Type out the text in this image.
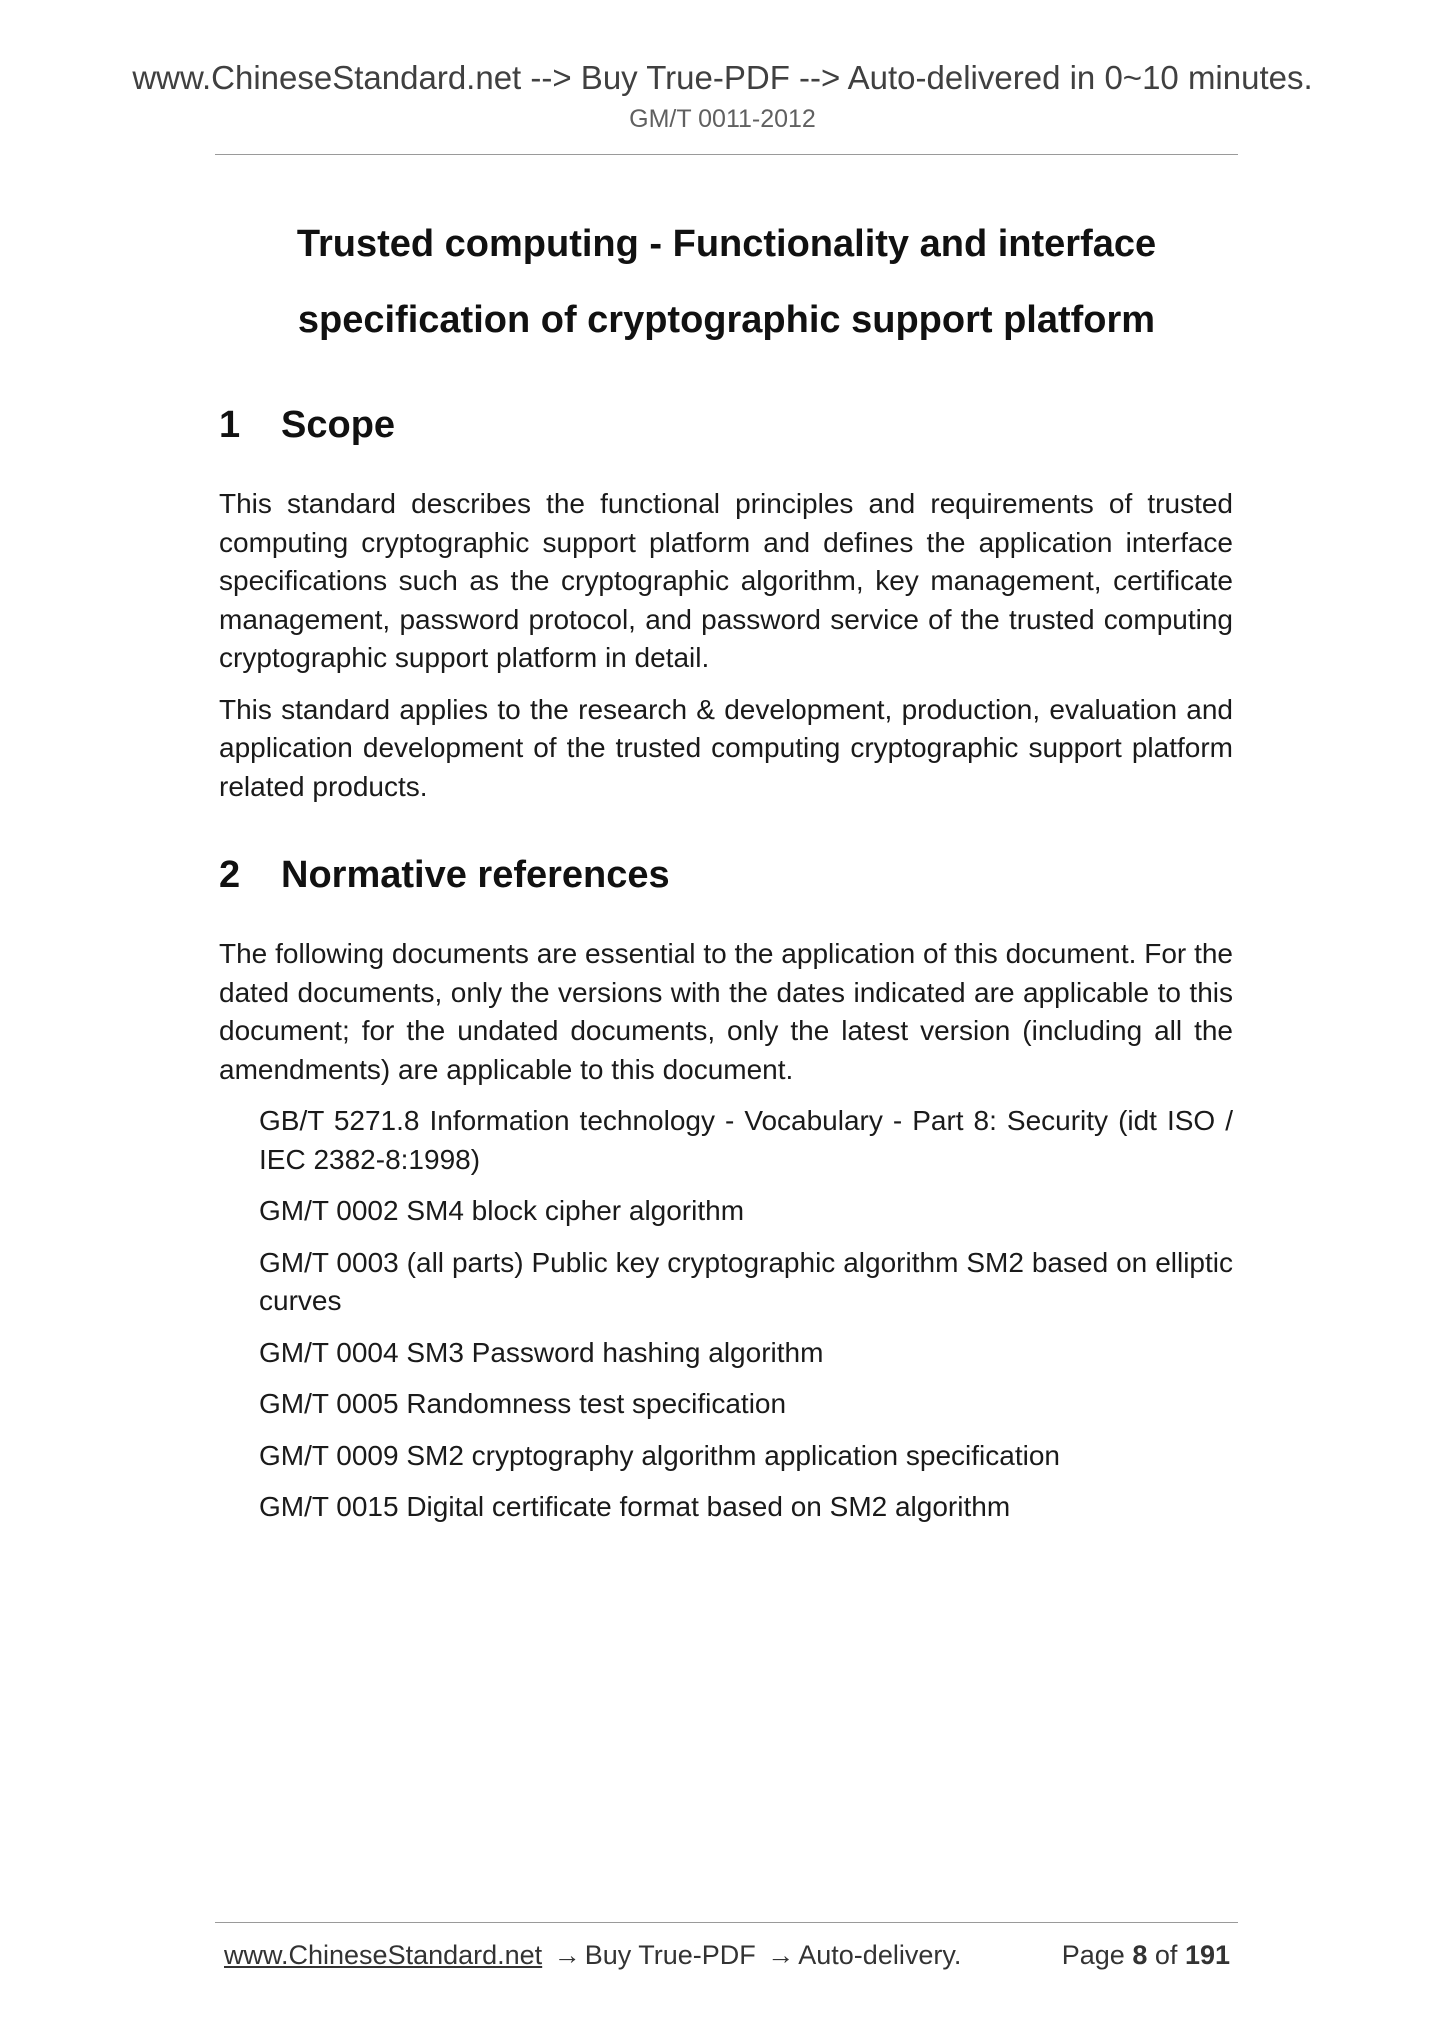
www.ChineseStandard.net --> Buy True-PDF --> Auto-delivered in 0~10 minutes.
GM/T 0011-2012
Trusted computing - Functionality and interface
specification of cryptographic support platform
1 Scope

This standard describes the functional principles and requirements of trusted computing cryptographic support platform and defines the application interface specifications such as the cryptographic algorithm, key management, certificate management, password protocol, and password service of the trusted computing cryptographic support platform in detail.

This standard applies to the research & development, production, evaluation and application development of the trusted computing cryptographic support platform related products.

2 Normative references

The following documents are essential to the application of this document. For the dated documents, only the versions with the dates indicated are applicable to this document; for the undated documents, only the latest version (including all the amendments) are applicable to this document.

GB/T 5271.8 Information technology - Vocabulary - Part 8: Security (idt ISO / IEC 2382-8:1998)

GM/T 0002 SM4 block cipher algorithm

GM/T 0003 (all parts) Public key cryptographic algorithm SM2 based on elliptic curves

GM/T 0004 SM3 Password hashing algorithm

GM/T 0005 Randomness test specification

GM/T 0009 SM2 cryptography algorithm application specification

GM/T 0015 Digital certificate format based on SM2 algorithm

www.ChineseStandard.net → Buy True-PDF → Auto-delivery.	Page 8 of 191
